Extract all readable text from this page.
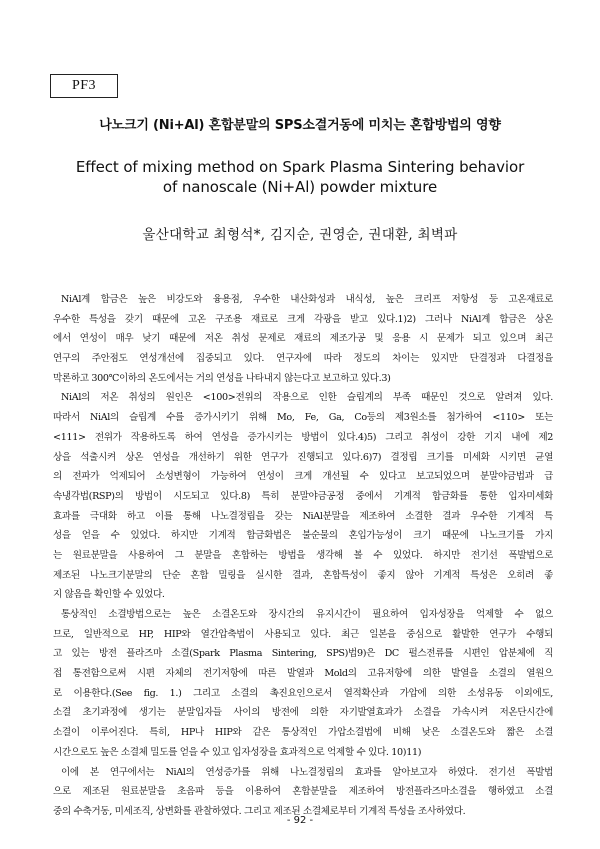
PF3
나노크기 (Ni+Al) 혼합분말의 SPS소결거동에 미치는 혼합방법의 영향
Effect of mixing method on Spark Plasma Sintering behavior
of nanoscale (Ni+Al) powder mixture
울산대학교 최형석*, 김지순, 권영순, 권대환, 최벽파
NiAl계 합금은 높은 비강도와 융용점, 우수한 내산화성과 내식성, 높은 크리프 저항성 등 고온재료로
우수한 특성을 갖기 때문에 고온 구조용 재료로 크게 각광을 받고 있다.1)2) 그러나 NiAl계 합금은 상온
에서 연성이 매우 낮기 때문에 저온 취성 문제로 재료의 제조가공 및 응용 시 문제가 되고 있으며 최근
연구의 주안점도 연성개선에 집중되고 있다. 연구자에 따라 정도의 차이는 있지만 단결정과 다결정을
막론하고 300℃이하의 온도에서는 거의 연성을 나타내지 않는다고 보고하고 있다.3)
NiAl의 저온 취성의 원인은 <100>전위의 작용으로 인한 슬립계의 부족 때문인 것으로 알려져 있다.
따라서 NiAl의 슬립계 수를 증가시키기 위해 Mo, Fe, Ga, Co등의 제3원소를 첨가하여 <110> 또는
<111> 전위가 작용하도록 하여 연성을 증가시키는 방법이 있다.4)5) 그리고 취성이 강한 기지 내에 제2
상을 석출시켜 상온 연성을 개선하기 위한 연구가 진행되고 있다.6)7) 결정립 크기를 미세화 시키면 균열
의 전파가 억제되어 소성변형이 가능하여 연성이 크게 개선될 수 있다고 보고되었으며 분말야금법과 급
속냉각법(RSP)의 방법이 시도되고 있다.8) 특히 분말야금공정 중에서 기계적 합금화를 통한 입자미세화
효과를 극대화 하고 이를 통해 나노결정립을 갖는 NiAl분말을 제조하여 소결한 결과 우수한 기계적 특
성을 얻을 수 있었다. 하지만 기계적 합금화법은 불순물의 혼입가능성이 크기 때문에 나노크기를 가지
는 원료분말을 사용하여 그 분말을 혼합하는 방법을 생각해 볼 수 있었다. 하지만 전기선 폭발법으로
제조된 나노크기분말의 단순 혼합 밀링을 실시한 결과, 혼합특성이 좋지 않아 기계적 특성은 오히려 좋
지 않음을 확인할 수 있었다.
통상적인 소결방법으로는 높은 소결온도와 장시간의 유지시간이 필요하여 입자성장을 억제할 수 없으
므로, 일반적으로 HP, HIP와 열간압축법이 사용되고 있다. 최근 일본을 중심으로 활발한 연구가 수행되
고 있는 방전 플라즈마 소결(Spark Plasma Sintering, SPS)법9)은 DC 펄스전류를 시편인 압분체에 직
접 통전함으로써 시편 자체의 전기저항에 따른 발열과 Mold의 고유저항에 의한 발열을 소결의 열원으
로 이용한다.(See fig. 1.) 그리고 소결의 촉진요인으로서 열적확산과 가압에 의한 소성유동 이외에도,
소결 초기과정에 생기는 분말입자들 사이의 방전에 의한 자기발열효과가 소결을 가속시켜 저온단시간에
소결이 이루어진다. 특히, HP나 HIP와 같은 통상적인 가압소결법에 비해 낮은 소결온도와 짧은 소결
시간으로도 높은 소결체 밀도를 얻을 수 있고 입자성장을 효과적으로 억제할 수 있다. 10)11)
이에 본 연구에서는 NiAl의 연성증가를 위해 나노결정립의 효과를 알아보고자 하였다. 전기선 폭발법
으로 제조된 원료분말을 초음파 등을 이용하여 혼합분말을 제조하여 방전플라즈마소결을 행하였고 소결
중의 수축거동, 미세조직, 상변화를 관찰하였다. 그리고 제조된 소결체로부터 기계적 특성을 조사하였다.
- 92 -
